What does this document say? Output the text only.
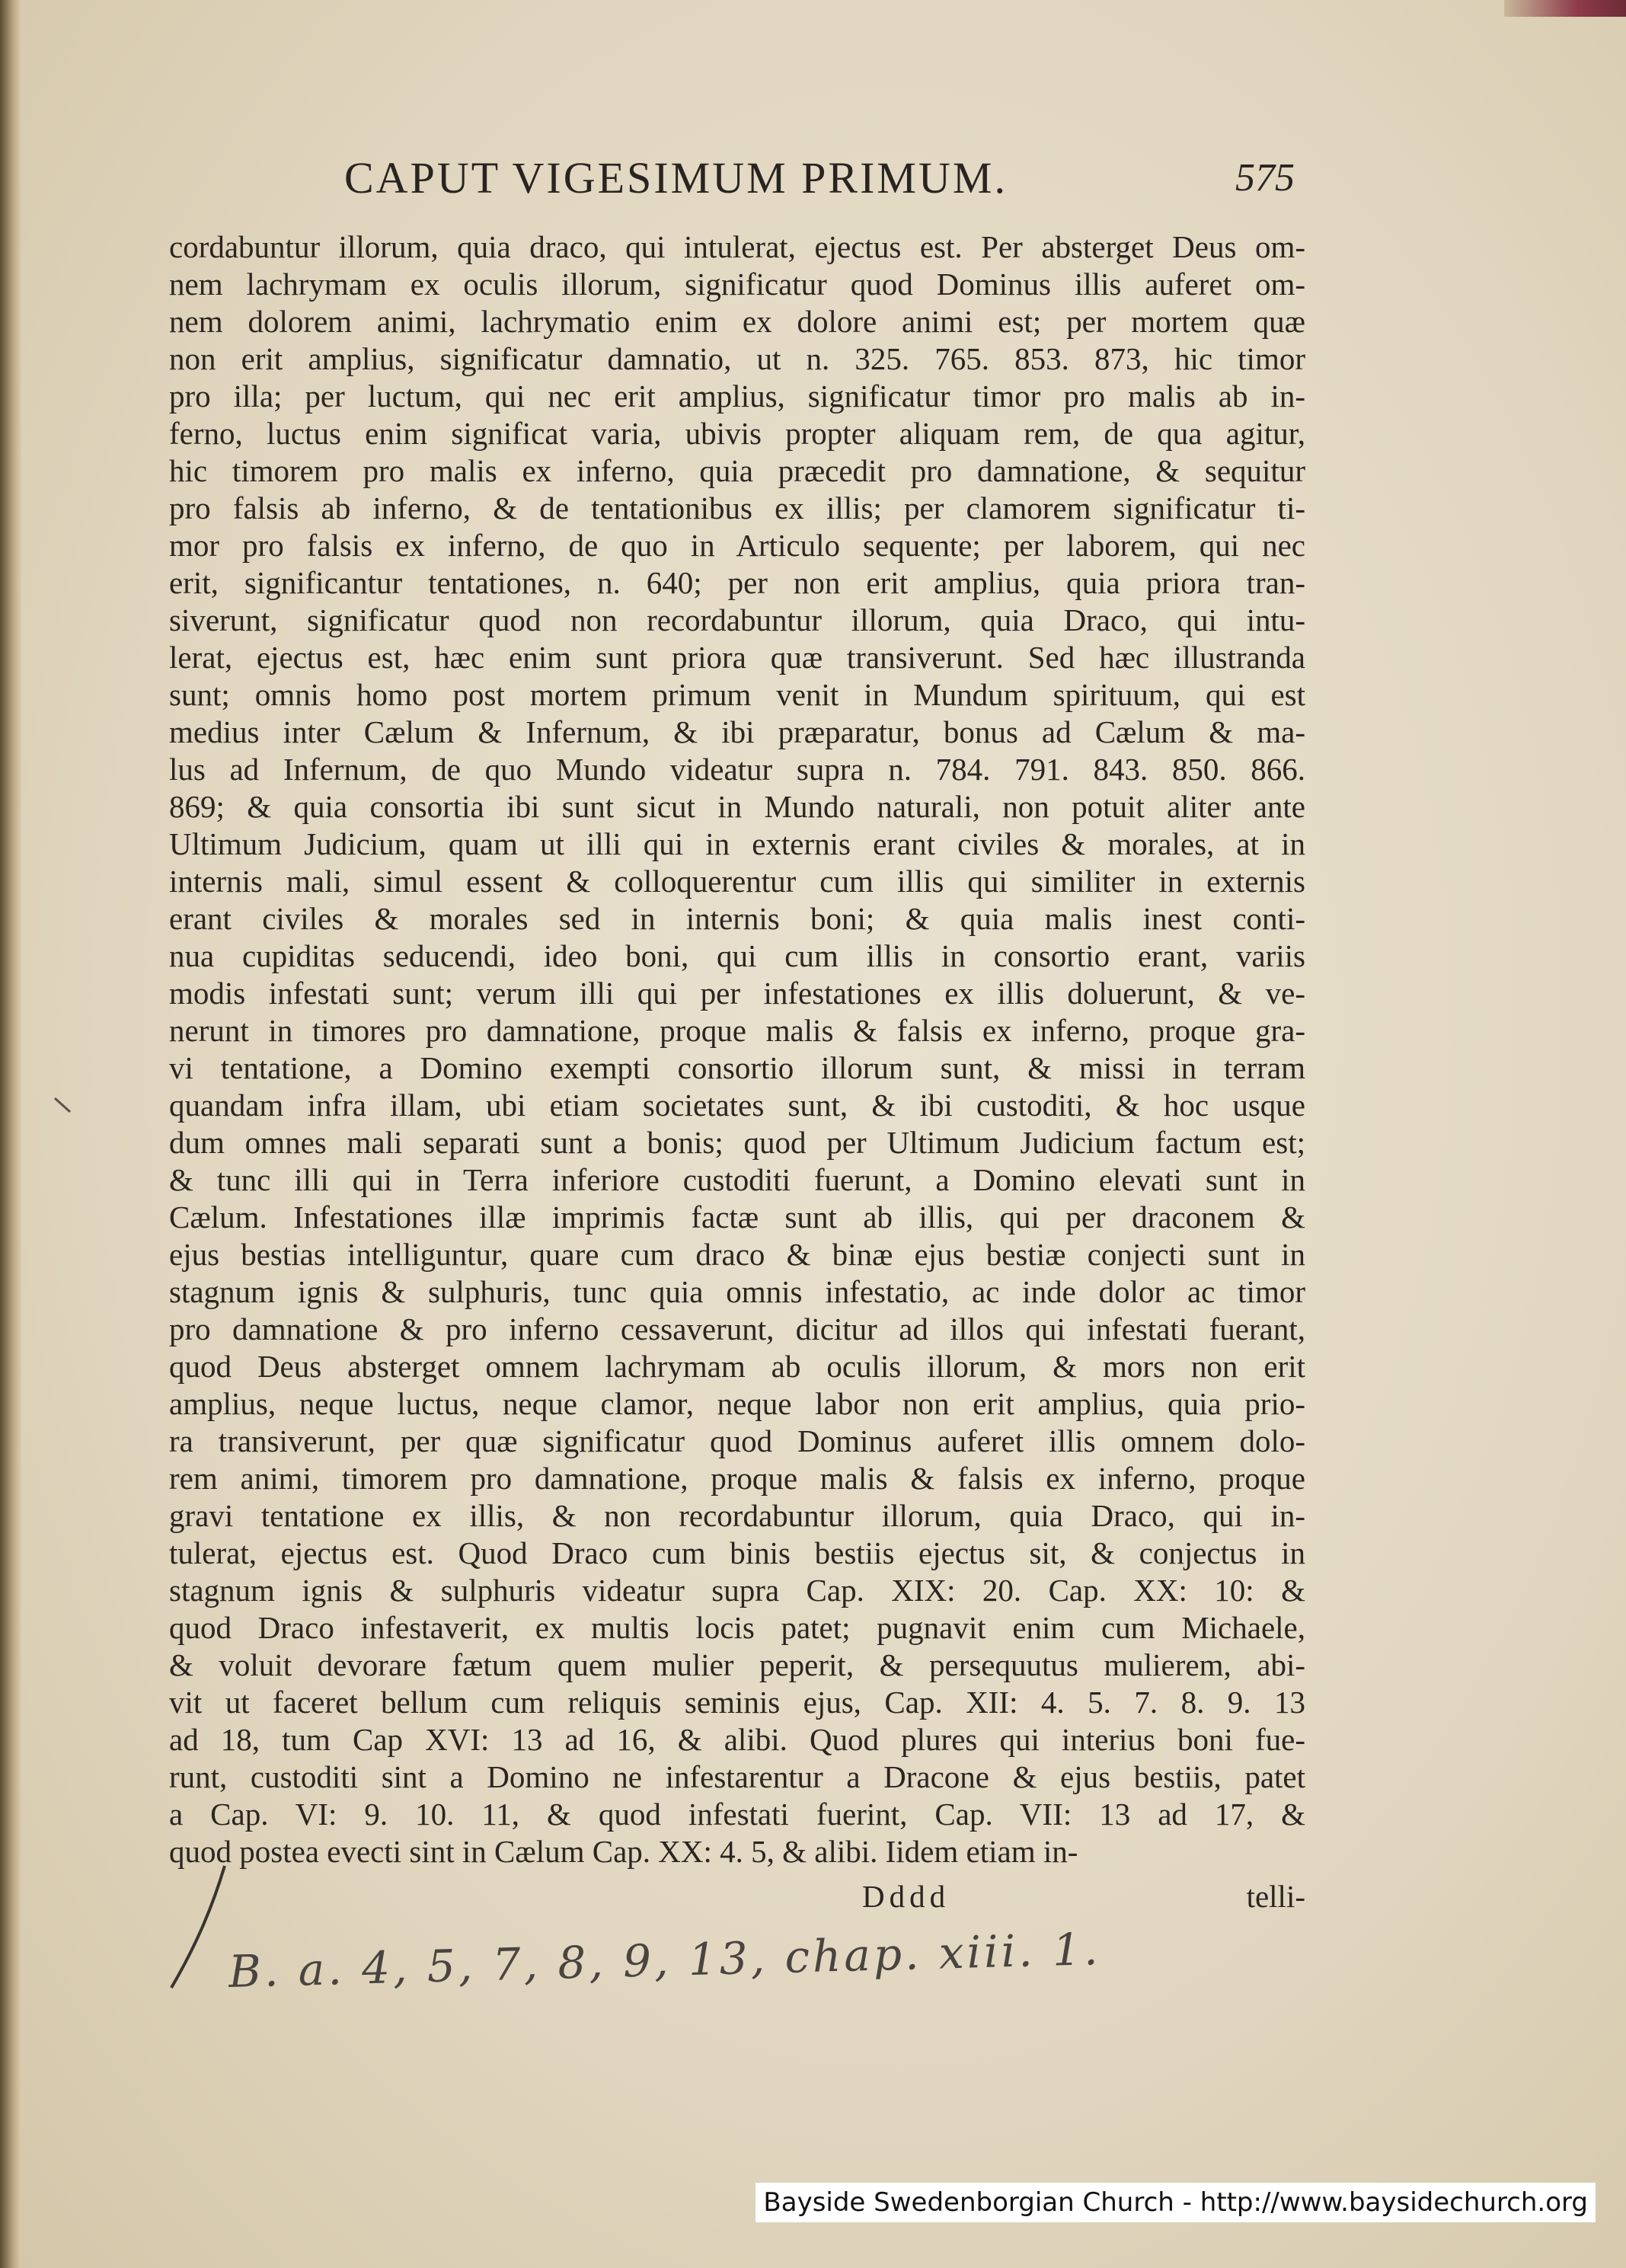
CAPUT VIGESIMUM PRIMUM.	575
cordabuntur illorum, quia draco, qui intulerat, ejectus est. Per absterget Deus om-
nem lachrymam ex oculis illorum, significatur quod Dominus illis auferet om-
nem dolorem animi, lachrymatio enim ex dolore animi est; per mortem quæ
non erit amplius, significatur damnatio, ut n. 325. 765. 853. 873, hic timor
pro illa; per luctum, qui nec erit amplius, significatur timor pro malis ab in-
ferno, luctus enim significat varia, ubivis propter aliquam rem, de qua agitur,
hic timorem pro malis ex inferno, quia præcedit pro damnatione, & sequitur
pro falsis ab inferno, & de tentationibus ex illis; per clamorem significatur ti-
mor pro falsis ex inferno, de quo in Articulo sequente; per laborem, qui nec
erit, significantur tentationes, n. 640; per non erit amplius, quia priora tran-
siverunt, significatur quod non recordabuntur illorum, quia Draco, qui intu-
lerat, ejectus est, hæc enim sunt priora quæ transiverunt. Sed hæc illustranda
sunt; omnis homo post mortem primum venit in Mundum spirituum, qui est
medius inter Cælum & Infernum, & ibi præparatur, bonus ad Cælum & ma-
lus ad Infernum, de quo Mundo videatur supra n. 784. 791. 843. 850. 866.
869; & quia consortia ibi sunt sicut in Mundo naturali, non potuit aliter ante
Ultimum Judicium, quam ut illi qui in externis erant civiles & morales, at in
internis mali, simul essent & colloquerentur cum illis qui similiter in externis
erant civiles & morales sed in internis boni; & quia malis inest conti-
nua cupiditas seducendi, ideo boni, qui cum illis in consortio erant, variis
modis infestati sunt; verum illi qui per infestationes ex illis doluerunt, & ve-
nerunt in timores pro damnatione, proque malis & falsis ex inferno, proque gra-
vi tentatione, a Domino exempti consortio illorum sunt, & missi in terram
quandam infra illam, ubi etiam societates sunt, & ibi custoditi, & hoc usque
dum omnes mali separati sunt a bonis; quod per Ultimum Judicium factum est;
& tunc illi qui in Terra inferiore custoditi fuerunt, a Domino elevati sunt in
Cælum. Infestationes illæ imprimis factæ sunt ab illis, qui per draconem &
ejus bestias intelliguntur, quare cum draco & binæ ejus bestiæ conjecti sunt in
stagnum ignis & sulphuris, tunc quia omnis infestatio, ac inde dolor ac timor
pro damnatione & pro inferno cessaverunt, dicitur ad illos qui infestati fuerant,
quod Deus absterget omnem lachrymam ab oculis illorum, & mors non erit
amplius, neque luctus, neque clamor, neque labor non erit amplius, quia prio-
ra transiverunt, per quæ significatur quod Dominus auferet illis omnem dolo-
rem animi, timorem pro damnatione, proque malis & falsis ex inferno, proque
gravi tentatione ex illis, & non recordabuntur illorum, quia Draco, qui in-
tulerat, ejectus est. Quod Draco cum binis bestiis ejectus sit, & conjectus in
stagnum ignis & sulphuris videatur supra Cap. XIX: 20. Cap. XX: 10: &
quod Draco infestaverit, ex multis locis patet; pugnavit enim cum Michaele,
& voluit devorare fætum quem mulier peperit, & persequutus mulierem, abi-
vit ut faceret bellum cum reliquis seminis ejus, Cap. XII: 4. 5. 7. 8. 9. 13
ad 18, tum Cap XVI: 13 ad 16, & alibi. Quod plures qui interius boni fue-
runt, custoditi sint a Domino ne infestarentur a Dracone & ejus bestiis, patet
a Cap. VI: 9. 10. 11, & quod infestati fuerint, Cap. VII: 13 ad 17, &
quod postea evecti sint in Cælum Cap. XX: 4. 5, & alibi. Iidem etiam in-
Dddd	telli-
B. a. 4, 5, 7, 8, 9, 13, chap. xiii. 1.
Bayside Swedenborgian Church - http://www.baysidechurch.org
